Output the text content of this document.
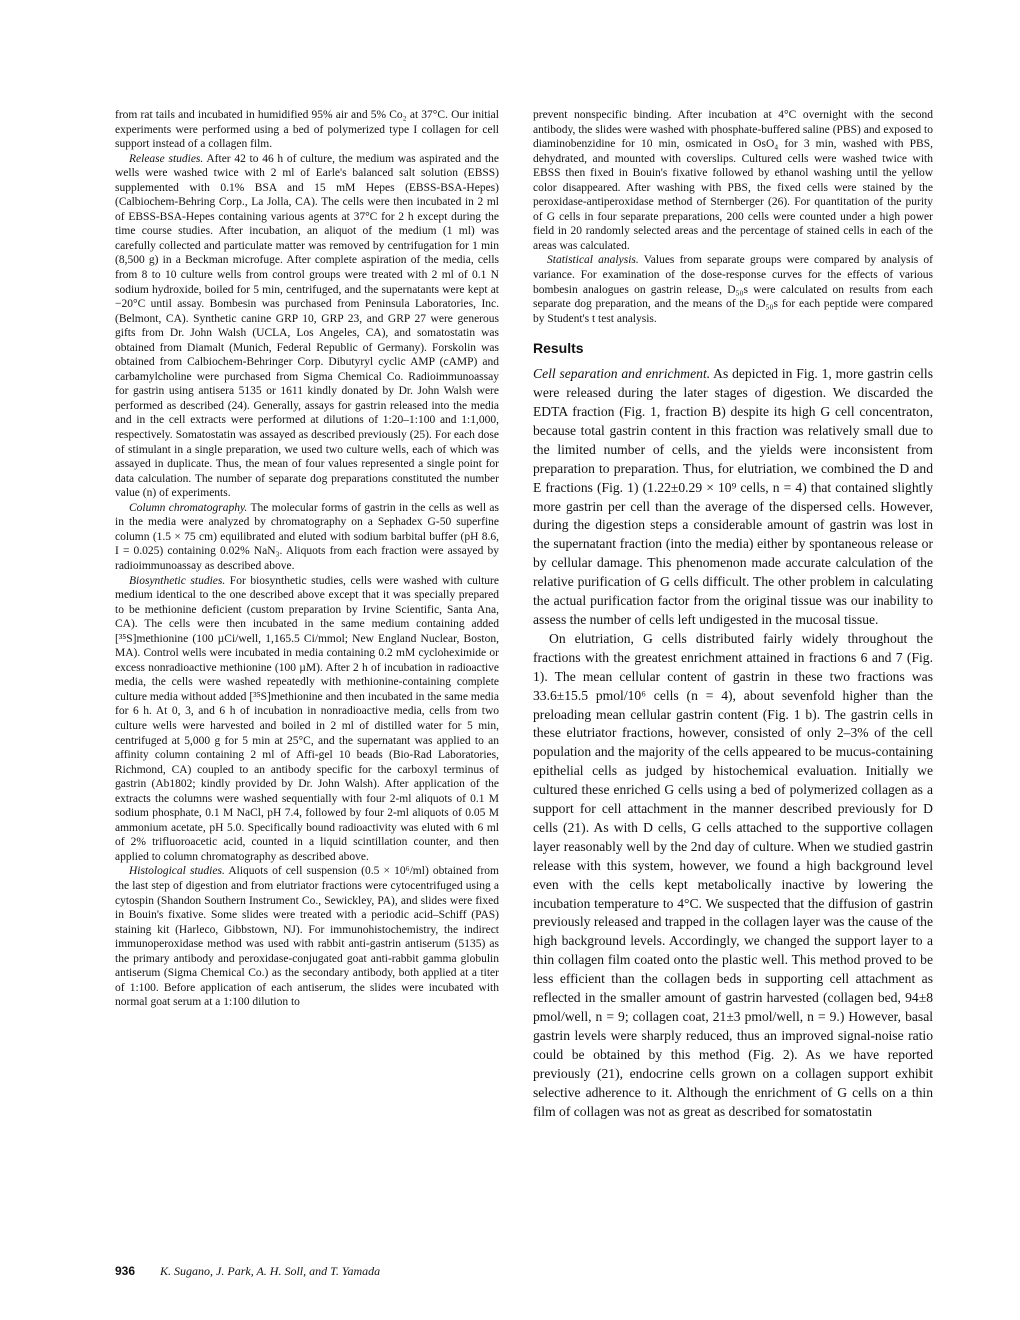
from rat tails and incubated in humidified 95% air and 5% Co₂ at 37°C. Our initial experiments were performed using a bed of polymerized type I collagen for cell support instead of a collagen film.

Release studies. After 42 to 46 h of culture, the medium was aspirated and the wells were washed twice with 2 ml of Earle's balanced salt solution (EBSS) supplemented with 0.1% BSA and 15 mM Hepes (EBSS-BSA-Hepes) (Calbiochem-Behring Corp., La Jolla, CA). The cells were then incubated in 2 ml of EBSS-BSA-Hepes containing various agents at 37°C for 2 h except during the time course studies. After incubation, an aliquot of the medium (1 ml) was carefully collected and particulate matter was removed by centrifugation for 1 min (8,500 g) in a Beckman microfuge. After complete aspiration of the media, cells from 8 to 10 culture wells from control groups were treated with 2 ml of 0.1 N sodium hydroxide, boiled for 5 min, centrifuged, and the supernatants were kept at −20°C until assay. Bombesin was purchased from Peninsula Laboratories, Inc. (Belmont, CA). Synthetic canine GRP 10, GRP 23, and GRP 27 were generous gifts from Dr. John Walsh (UCLA, Los Angeles, CA), and somatostatin was obtained from Diamalt (Munich, Federal Republic of Germany). Forskolin was obtained from Calbiochem-Behringer Corp. Dibutyryl cyclic AMP (cAMP) and carbamylcholine were purchased from Sigma Chemical Co. Radioimmunoassay for gastrin using antisera 5135 or 1611 kindly donated by Dr. John Walsh were performed as described (24). Generally, assays for gastrin released into the media and in the cell extracts were performed at dilutions of 1:20–1:100 and 1:1,000, respectively. Somatostatin was assayed as described previously (25). For each dose of stimulant in a single preparation, we used two culture wells, each of which was assayed in duplicate. Thus, the mean of four values represented a single point for data calculation. The number of separate dog preparations constituted the number value (n) of experiments.

Column chromatography. The molecular forms of gastrin in the cells as well as in the media were analyzed by chromatography on a Sephadex G-50 superfine column (1.5 × 75 cm) equilibrated and eluted with sodium barbital buffer (pH 8.6, I = 0.025) containing 0.02% NaN₃. Aliquots from each fraction were assayed by radioimmunoassay as described above.

Biosynthetic studies. For biosynthetic studies, cells were washed with culture medium identical to the one described above except that it was specially prepared to be methionine deficient (custom preparation by Irvine Scientific, Santa Ana, CA). The cells were then incubated in the same medium containing added [³⁵S]methionine (100 µCi/well, 1,165.5 Ci/mmol; New England Nuclear, Boston, MA). Control wells were incubated in media containing 0.2 mM cycloheximide or excess nonradioactive methionine (100 µM). After 2 h of incubation in radioactive media, the cells were washed repeatedly with methionine-containing complete culture media without added [³⁵S]methionine and then incubated in the same media for 6 h. At 0, 3, and 6 h of incubation in nonradioactive media, cells from two culture wells were harvested and boiled in 2 ml of distilled water for 5 min, centrifuged at 5,000 g for 5 min at 25°C, and the supernatant was applied to an affinity column containing 2 ml of Affi-gel 10 beads (Bio-Rad Laboratories, Richmond, CA) coupled to an antibody specific for the carboxyl terminus of gastrin (Ab1802; kindly provided by Dr. John Walsh). After application of the extracts the columns were washed sequentially with four 2-ml aliquots of 0.1 M sodium phosphate, 0.1 M NaCl, pH 7.4, followed by four 2-ml aliquots of 0.05 M ammonium acetate, pH 5.0. Specifically bound radioactivity was eluted with 6 ml of 2% trifluoroacetic acid, counted in a liquid scintillation counter, and then applied to column chromatography as described above.

Histological studies. Aliquots of cell suspension (0.5 × 10⁶/ml) obtained from the last step of digestion and from elutriator fractions were cytocentrifuged using a cytospin (Shandon Southern Instrument Co., Sewickley, PA), and slides were fixed in Bouin's fixative. Some slides were treated with a periodic acid–Schiff (PAS) staining kit (Harleco, Gibbstown, NJ). For immunohistochemistry, the indirect immunoperoxidase method was used with rabbit anti-gastrin antiserum (5135) as the primary antibody and peroxidase-conjugated goat anti-rabbit gamma globulin antiserum (Sigma Chemical Co.) as the secondary antibody, both applied at a titer of 1:100. Before application of each antiserum, the slides were incubated with normal goat serum at a 1:100 dilution to

prevent nonspecific binding. After incubation at 4°C overnight with the second antibody, the slides were washed with phosphate-buffered saline (PBS) and exposed to diaminobenzidine for 10 min, osmicated in OsO₄ for 3 min, washed with PBS, dehydrated, and mounted with coverslips. Cultured cells were washed twice with EBSS then fixed in Bouin's fixative followed by ethanol washing until the yellow color disappeared. After washing with PBS, the fixed cells were stained by the peroxidase-antiperoxidase method of Sternberger (26). For quantitation of the purity of G cells in four separate preparations, 200 cells were counted under a high power field in 20 randomly selected areas and the percentage of stained cells in each of the areas was calculated.

Statistical analysis. Values from separate groups were compared by analysis of variance. For examination of the dose-response curves for the effects of various bombesin analogues on gastrin release, D₅₀s were calculated on results from each separate dog preparation, and the means of the D₅₀s for each peptide were compared by Student's t test analysis.

Results

Cell separation and enrichment. As depicted in Fig. 1, more gastrin cells were released during the later stages of digestion. We discarded the EDTA fraction (Fig. 1, fraction B) despite its high G cell concentraton, because total gastrin content in this fraction was relatively small due to the limited number of cells, and the yields were inconsistent from preparation to preparation. Thus, for elutriation, we combined the D and E fractions (Fig. 1) (1.22±0.29 × 10⁹ cells, n = 4) that contained slightly more gastrin per cell than the average of the dispersed cells. However, during the digestion steps a considerable amount of gastrin was lost in the supernatant fraction (into the media) either by spontaneous release or by cellular damage. This phenomenon made accurate calculation of the relative purification of G cells difficult. The other problem in calculating the actual purification factor from the original tissue was our inability to assess the number of cells left undigested in the mucosal tissue.

On elutriation, G cells distributed fairly widely throughout the fractions with the greatest enrichment attained in fractions 6 and 7 (Fig. 1). The mean cellular content of gastrin in these two fractions was 33.6±15.5 pmol/10⁶ cells (n = 4), about sevenfold higher than the preloading mean cellular gastrin content (Fig. 1 b). The gastrin cells in these elutriator fractions, however, consisted of only 2–3% of the cell population and the majority of the cells appeared to be mucus-containing epithelial cells as judged by histochemical evaluation. Initially we cultured these enriched G cells using a bed of polymerized collagen as a support for cell attachment in the manner described previously for D cells (21). As with D cells, G cells attached to the supportive collagen layer reasonably well by the 2nd day of culture. When we studied gastrin release with this system, however, we found a high background level even with the cells kept metabolically inactive by lowering the incubation temperature to 4°C. We suspected that the diffusion of gastrin previously released and trapped in the collagen layer was the cause of the high background levels. Accordingly, we changed the support layer to a thin collagen film coated onto the plastic well. This method proved to be less efficient than the collagen beds in supporting cell attachment as reflected in the smaller amount of gastrin harvested (collagen bed, 94±8 pmol/well, n = 9; collagen coat, 21±3 pmol/well, n = 9.) However, basal gastrin levels were sharply reduced, thus an improved signal-noise ratio could be obtained by this method (Fig. 2). As we have reported previously (21), endocrine cells grown on a collagen support exhibit selective adherence to it. Although the enrichment of G cells on a thin film of collagen was not as great as described for somatostatin

936 K. Sugano, J. Park, A. H. Soll, and T. Yamada
